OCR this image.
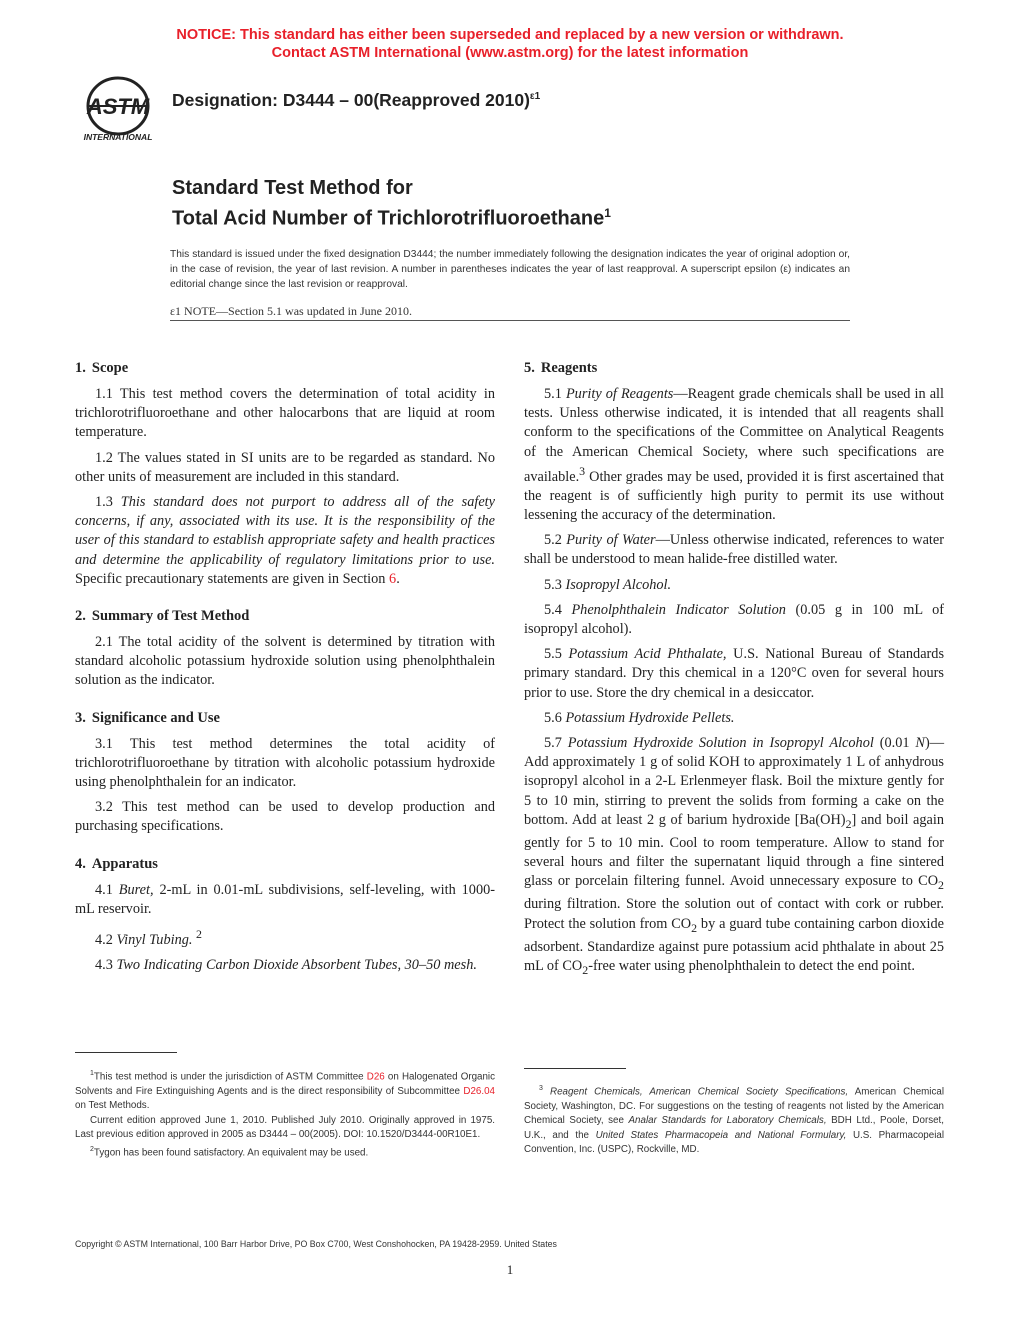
NOTICE: This standard has either been superseded and replaced by a new version or withdrawn.
Contact ASTM International (www.astm.org) for the latest information
ASTM
INTERNATIONAL
Designation: D3444 – 00(Reapproved 2010)$^{\varepsilon 1}$
Standard Test Method for
Total Acid Number of Trichlorotrifluoroethane$^1$
This standard is issued under the fixed designation D3444; the number immediately following the designation indicates the year of original adoption or, in the case of revision, the year of last revision. A number in parentheses indicates the year of last reapproval. A superscript epsilon (ε) indicates an editorial change since the last revision or reapproval.
ε1 NOTE—Section 5.1 was updated in June 2010.
1. Scope

1.1 This test method covers the determination of total acidity in trichlorotrifluoroethane and other halocarbons that are liquid at room temperature.

1.2 The values stated in SI units are to be regarded as standard. No other units of measurement are included in this standard.

1.3 This standard does not purport to address all of the safety concerns, if any, associated with its use. It is the responsibility of the user of this standard to establish appropriate safety and health practices and determine the applicability of regulatory limitations prior to use. Specific precautionary statements are given in Section 6.

2. Summary of Test Method

2.1 The total acidity of the solvent is determined by titration with standard alcoholic potassium hydroxide solution using phenolphthalein solution as the indicator.

3. Significance and Use

3.1 This test method determines the total acidity of trichlorotrifluoroethane by titration with alcoholic potassium hydroxide using phenolphthalein for an indicator.

3.2 This test method can be used to develop production and purchasing specifications.

4. Apparatus

4.1 Buret, 2-mL in 0.01-mL subdivisions, self-leveling, with 1000-mL reservoir.

4.2 Vinyl Tubing. $^2$

4.3 Two Indicating Carbon Dioxide Absorbent Tubes, 30–50 mesh.

5. Reagents

5.1 Purity of Reagents—Reagent grade chemicals shall be used in all tests. Unless otherwise indicated, it is intended that all reagents shall conform to the specifications of the Committee on Analytical Reagents of the American Chemical Society, where such specifications are available.$^3$ Other grades may be used, provided it is first ascertained that the reagent is of sufficiently high purity to permit its use without lessening the accuracy of the determination.

5.2 Purity of Water—Unless otherwise indicated, references to water shall be understood to mean halide-free distilled water.

5.3 Isopropyl Alcohol.

5.4 Phenolphthalein Indicator Solution (0.05 g in 100 mL of isopropyl alcohol).

5.5 Potassium Acid Phthalate, U.S. National Bureau of Standards primary standard. Dry this chemical in a 120°C oven for several hours prior to use. Store the dry chemical in a desiccator.

5.6 Potassium Hydroxide Pellets.

5.7 Potassium Hydroxide Solution in Isopropyl Alcohol (0.01 N)—Add approximately 1 g of solid KOH to approximately 1 L of anhydrous isopropyl alcohol in a 2-L Erlenmeyer flask. Boil the mixture gently for 5 to 10 min, stirring to prevent the solids from forming a cake on the bottom. Add at least 2 g of barium hydroxide $[Ba(OH)_2]$ and boil again gently for 5 to 10 min. Cool to room temperature. Allow to stand for several hours and filter the supernatant liquid through a fine sintered glass or porcelain filtering funnel. Avoid unnecessary exposure to $CO_2$ during filtration. Store the solution out of contact with cork or rubber. Protect the solution from $CO_2$ by a guard tube containing carbon dioxide adsorbent. Standardize against pure potassium acid phthalate in about 25 mL of $CO_2$-free water using phenolphthalein to detect the end point.

$^1$This test method is under the jurisdiction of ASTM Committee D26 on Halogenated Organic Solvents and Fire Extinguishing Agents and is the direct responsibility of Subcommittee D26.04 on Test Methods.

Current edition approved June 1, 2010. Published July 2010. Originally approved in 1975. Last previous edition approved in 2005 as D3444 – 00(2005). DOI: 10.1520/D3444-00R10E1.

$^2$Tygon has been found satisfactory. An equivalent may be used.

$^3$ Reagent Chemicals, American Chemical Society Specifications, American Chemical Society, Washington, DC. For suggestions on the testing of reagents not listed by the American Chemical Society, see Analar Standards for Laboratory Chemicals, BDH Ltd., Poole, Dorset, U.K., and the United States Pharmacopeia and National Formulary, U.S. Pharmacopeial Convention, Inc. (USPC), Rockville, MD.

Copyright © ASTM International, 100 Barr Harbor Drive, PO Box C700, West Conshohocken, PA 19428-2959. United States
1
